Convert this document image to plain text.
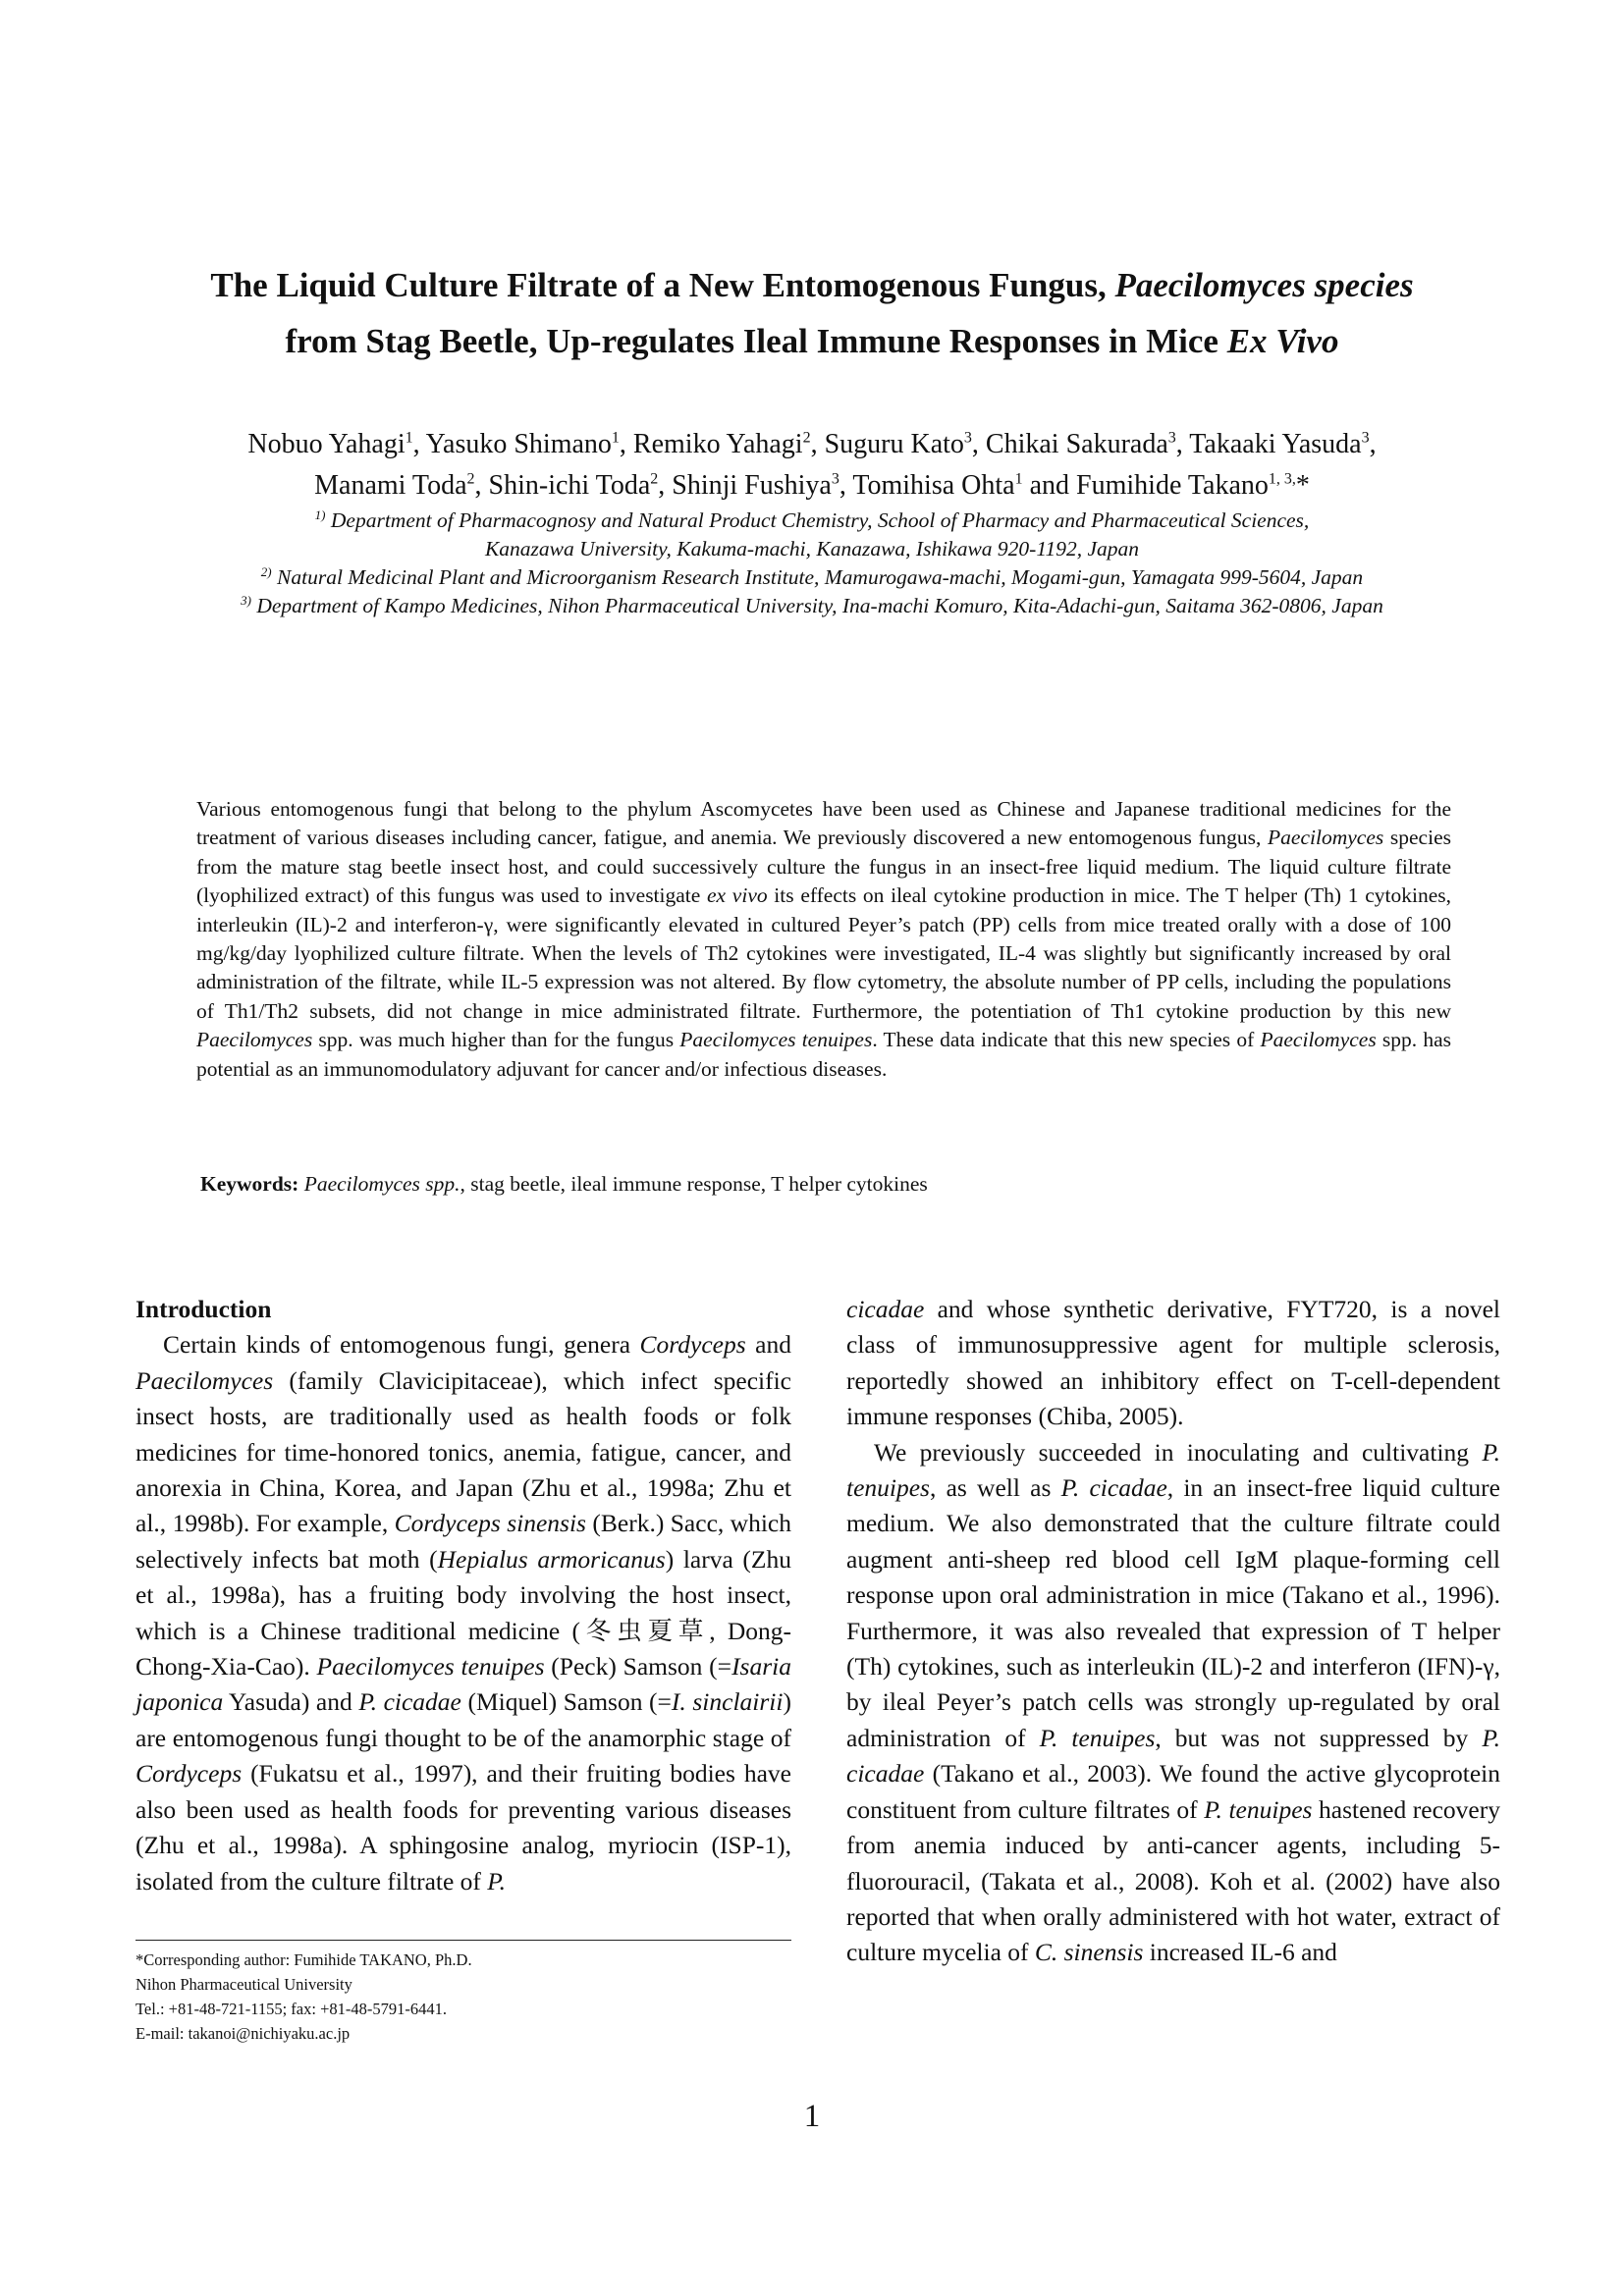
The Liquid Culture Filtrate of a New Entomogenous Fungus, Paecilomyces species
from Stag Beetle, Up-regulates Ileal Immune Responses in Mice Ex Vivo
Nobuo Yahagi$^1$, Yasuko Shimano$^1$, Remiko Yahagi$^2$, Suguru Kato$^3$, Chikai Sakurada$^3$, Takaaki Yasuda$^3$,
Manami Toda$^2$, Shin-ichi Toda$^2$, Shinji Fushiya$^3$, Tomihisa Ohta$^1$ and Fumihide Takano$^{1, 3,}$*
$^{1)}$ Department of Pharmacognosy and Natural Product Chemistry, School of Pharmacy and Pharmaceutical Sciences,
Kanazawa University, Kakuma-machi, Kanazawa, Ishikawa 920-1192, Japan
$^{2)}$ Natural Medicinal Plant and Microorganism Research Institute, Mamurogawa-machi, Mogami-gun, Yamagata 999-5604, Japan
$^{3)}$ Department of Kampo Medicines, Nihon Pharmaceutical University, Ina-machi Komuro, Kita-Adachi-gun, Saitama 362-0806, Japan

Various entomogenous fungi that belong to the phylum Ascomycetes have been used as Chinese and Japanese traditional medicines for the treatment of various diseases including cancer, fatigue, and anemia. We previously discovered a new entomogenous fungus, Paecilomyces species from the mature stag beetle insect host, and could successively culture the fungus in an insect-free liquid medium. The liquid culture filtrate (lyophilized extract) of this fungus was used to investigate ex vivo its effects on ileal cytokine production in mice. The T helper (Th) 1 cytokines, interleukin (IL)-2 and interferon-γ, were significantly elevated in cultured Peyer’s patch (PP) cells from mice treated orally with a dose of 100 mg/kg/day lyophilized culture filtrate. When the levels of Th2 cytokines were investigated, IL-4 was slightly but significantly increased by oral administration of the filtrate, while IL-5 expression was not altered. By flow cytometry, the absolute number of PP cells, including the populations of Th1/Th2 subsets, did not change in mice administrated filtrate. Furthermore, the potentiation of Th1 cytokine production by this new Paecilomyces spp. was much higher than for the fungus Paecilomyces tenuipes. These data indicate that this new species of Paecilomyces spp. has potential as an immunomodulatory adjuvant for cancer and/or infectious diseases.

Keywords: Paecilomyces spp., stag beetle, ileal immune response, T helper cytokines

Introduction

Certain kinds of entomogenous fungi, genera Cordyceps and Paecilomyces (family Clavicipitaceae), which infect specific insect hosts, are traditionally used as health foods or folk medicines for time-honored tonics, anemia, fatigue, cancer, and anorexia in China, Korea, and Japan (Zhu et al., 1998a; Zhu et al., 1998b). For example, Cordyceps sinensis (Berk.) Sacc, which selectively infects bat moth (Hepialus armoricanus) larva (Zhu et al., 1998a), has a fruiting body involving the host insect, which is a Chinese traditional medicine (冬虫夏草, Dong-Chong-Xia-Cao). Paecilomyces tenuipes (Peck) Samson (=Isaria japonica Yasuda) and P. cicadae (Miquel) Samson (=I. sinclairii) are entomogenous fungi thought to be of the anamorphic stage of Cordyceps (Fukatsu et al., 1997), and their fruiting bodies have also been used as health foods for preventing various diseases (Zhu et al., 1998a). A sphingosine analog, myriocin (ISP-1), isolated from the culture filtrate of P.

cicadae and whose synthetic derivative, FYT720, is a novel class of immunosuppressive agent for multiple sclerosis, reportedly showed an inhibitory effect on T-cell-dependent immune responses (Chiba, 2005).

We previously succeeded in inoculating and cultivating P. tenuipes, as well as P. cicadae, in an insect-free liquid culture medium. We also demonstrated that the culture filtrate could augment anti-sheep red blood cell IgM plaque-forming cell response upon oral administration in mice (Takano et al., 1996). Furthermore, it was also revealed that expression of T helper (Th) cytokines, such as interleukin (IL)-2 and interferon (IFN)-γ, by ileal Peyer’s patch cells was strongly up-regulated by oral administration of P. tenuipes, but was not suppressed by P. cicadae (Takano et al., 2003). We found the active glycoprotein constituent from culture filtrates of P. tenuipes hastened recovery from anemia induced by anti-cancer agents, including 5-fluorouracil, (Takata et al., 2008). Koh et al. (2002) have also reported that when orally administered with hot water, extract of culture mycelia of C. sinensis increased IL-6 and

*Corresponding author: Fumihide TAKANO, Ph.D.

Nihon Pharmaceutical University

Tel.: +81-48-721-1155; fax: +81-48-5791-6441.

E-mail: takanoi@nichiyaku.ac.jp

1
